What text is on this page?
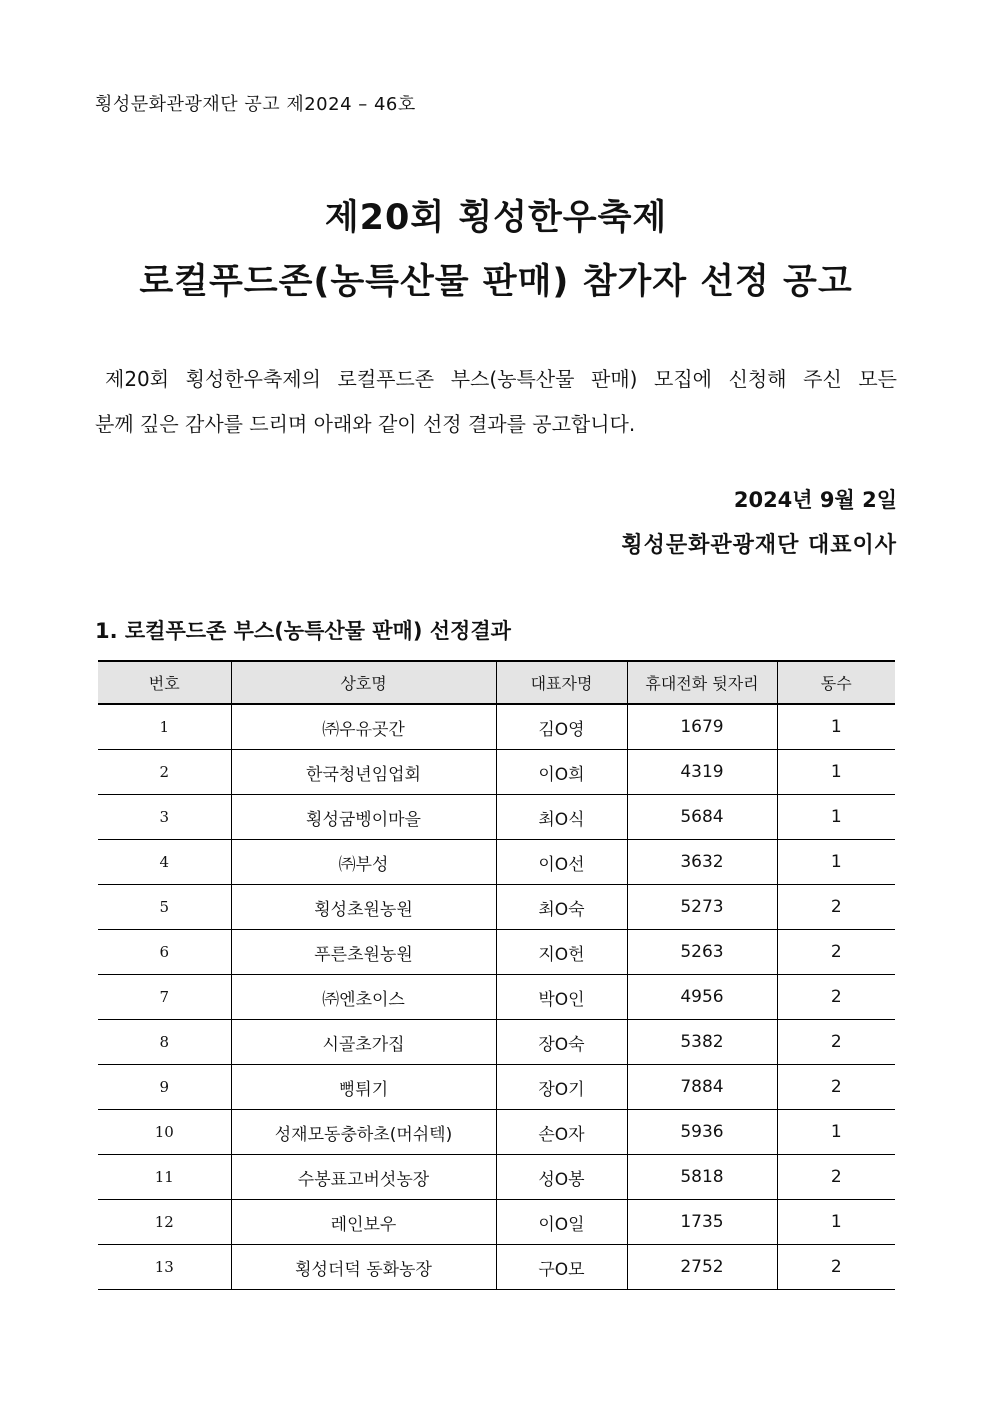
횡성문화관광재단 공고 제2024 – 46호
제20회 횡성한우축제
로컬푸드존(농특산물 판매) 참가자 선정 공고
제20회 횡성한우축제의 로컬푸드존 부스(농특산물 판매) 모집에 신청해 주신 모든
분께 깊은 감사를 드리며 아래와 같이 선정 결과를 공고합니다.
2024년 9월 2일
횡성문화관광재단 대표이사
1. 로컬푸드존 부스(농특산물 판매) 선정결과
번호	상호명	대표자명	휴대전화 뒷자리	동수
1	㈜우유곳간	김O영	1679	1
2	한국청년임업회	이O희	4319	1
3	횡성굼벵이마을	최O식	5684	1
4	㈜부성	이O선	3632	1
5	횡성초원농원	최O숙	5273	2
6	푸른초원농원	지O헌	5263	2
7	㈜엔초이스	박O인	4956	2
8	시골초가집	장O숙	5382	2
9	뻥튀기	장O기	7884	2
10	성재모동충하초(머쉬텍)	손O자	5936	1
11	수봉표고버섯농장	성O봉	5818	2
12	레인보우	이O일	1735	1
13	횡성더덕 동화농장	구O모	2752	2
